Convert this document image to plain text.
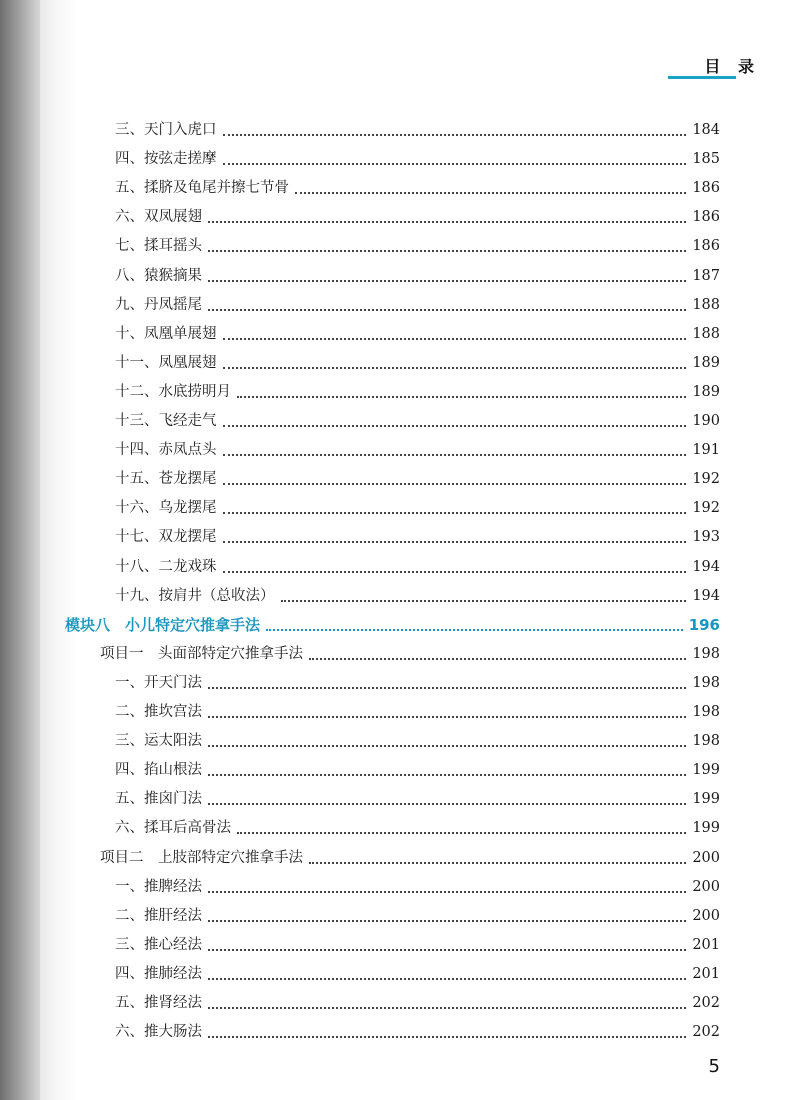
目 录
三、天门入虎口	184
四、按弦走搓摩	185
五、揉脐及龟尾并擦七节骨	186
六、双凤展翅	186
七、揉耳摇头	186
八、猿猴摘果	187
九、丹凤摇尾	188
十、凤凰单展翅	188
十一、凤凰展翅	189
十二、水底捞明月	189
十三、飞经走气	190
十四、赤凤点头	191
十五、苍龙摆尾	192
十六、乌龙摆尾	192
十七、双龙摆尾	193
十八、二龙戏珠	194
十九、按肩井（总收法）	194
模块八　小儿特定穴推拿手法	196
项目一　头面部特定穴推拿手法	198
一、开天门法	198
二、推坎宫法	198
三、运太阳法	198
四、掐山根法	199
五、推囟门法	199
六、揉耳后高骨法	199
项目二　上肢部特定穴推拿手法	200
一、推脾经法	200
二、推肝经法	200
三、推心经法	201
四、推肺经法	201
五、推肾经法	202
六、推大肠法	202
5
